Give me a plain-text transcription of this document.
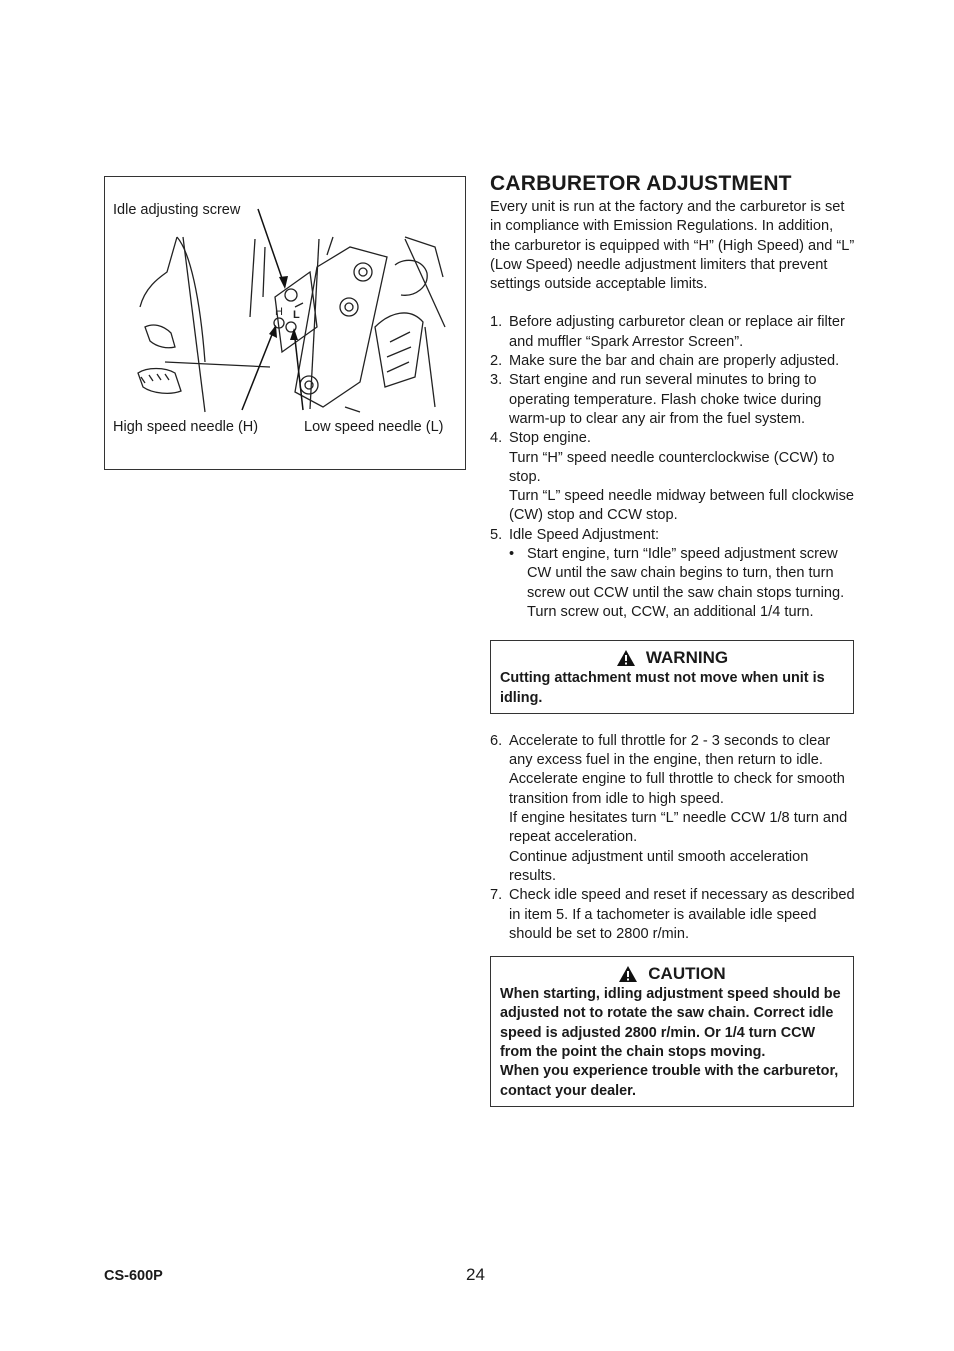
H L
Idle adjusting screw
High speed needle (H)	Low speed needle (L)
CARBURETOR ADJUSTMENT

Every unit is run at the factory and the carburetor is set in compliance with Emission Regulations. In addition, the carburetor is equipped with “H” (High Speed) and “L” (Low Speed) needle adjustment limiters that prevent settings outside acceptable limits.

1. Before adjusting carburetor clean or replace air filter and muffler “Spark Arrestor Screen”.
2. Make sure the bar and chain are properly adjusted.
3. Start engine and run several minutes to bring to operating temperature. Flash choke twice during warm-up to clear any air from the fuel system.
4. Stop engine.
Turn “H” speed needle counterclockwise (CCW) to stop.
Turn “L” speed needle midway between full clockwise (CW) stop and CCW stop.
5. Idle Speed Adjustment:
• Start engine, turn “Idle” speed adjustment screw CW until the saw chain begins to turn, then turn screw out CCW until the saw chain stops turning.
Turn screw out, CCW, an additional 1/4 turn.
WARNING
Cutting attachment must not move when unit is idling.
6. Accelerate to full throttle for 2 - 3 seconds to clear any excess fuel in the engine, then return to idle.
Accelerate engine to full throttle to check for smooth transition from idle to high speed.
If engine hesitates turn “L” needle CCW 1/8 turn and repeat acceleration.
Continue adjustment until smooth acceleration results.
7. Check idle speed and reset if necessary as described in item 5. If a tachometer is available idle speed should be set to 2800 r/min.
CAUTION
When starting, idling adjustment speed should be adjusted not to rotate the saw chain. Correct idle speed is adjusted 2800 r/min. Or 1/4 turn CCW from the point the chain stops moving.
When you experience trouble with the carburetor, contact your dealer.
CS-600P	24
